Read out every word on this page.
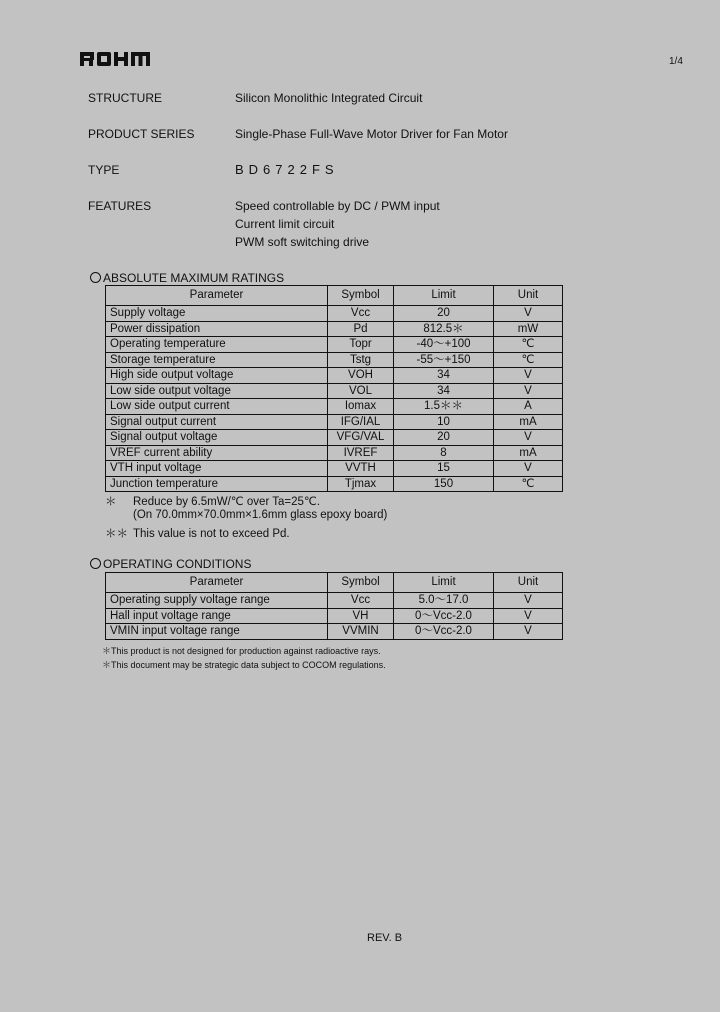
1/4
STRUCTURE	Silicon Monolithic Integrated Circuit
PRODUCT SERIES	Single-Phase Full-Wave Motor Driver for Fan Motor
TYPE	BD6722FS
FEATURES	Speed controllable by DC / PWM input
Current limit circuit
PWM soft switching drive
ABSOLUTE MAXIMUM RATINGS
Parameter	Symbol	Limit	Unit
Supply voltage	Vcc	20	V
Power dissipation	Pd	812.5＊	mW
Operating temperature	Topr	-40～+100	℃
Storage temperature	Tstg	-55～+150	℃
High side output voltage	VOH	34	V
Low side output voltage	VOL	34	V
Low side output current	Iomax	1.5＊＊	A
Signal output current	IFG/IAL	10	mA
Signal output voltage	VFG/VAL	20	V
VREF current ability	IVREF	8	mA
VTH input voltage	VVTH	15	V
Junction temperature	Tjmax	150	℃
＊ Reduce by 6.5mW/℃ over Ta=25℃.
(On 70.0mm×70.0mm×1.6mm glass epoxy board)
＊＊ This value is not to exceed Pd.
OPERATING CONDITIONS
Parameter	Symbol	Limit	Unit
Operating supply voltage range	Vcc	5.0～17.0	V
Hall input voltage range	VH	0～Vcc-2.0	V
VMIN input voltage range	VVMIN	0～Vcc-2.0	V
＊This product is not designed for production against radioactive rays.
＊This document may be strategic data subject to COCOM regulations.
REV. B
